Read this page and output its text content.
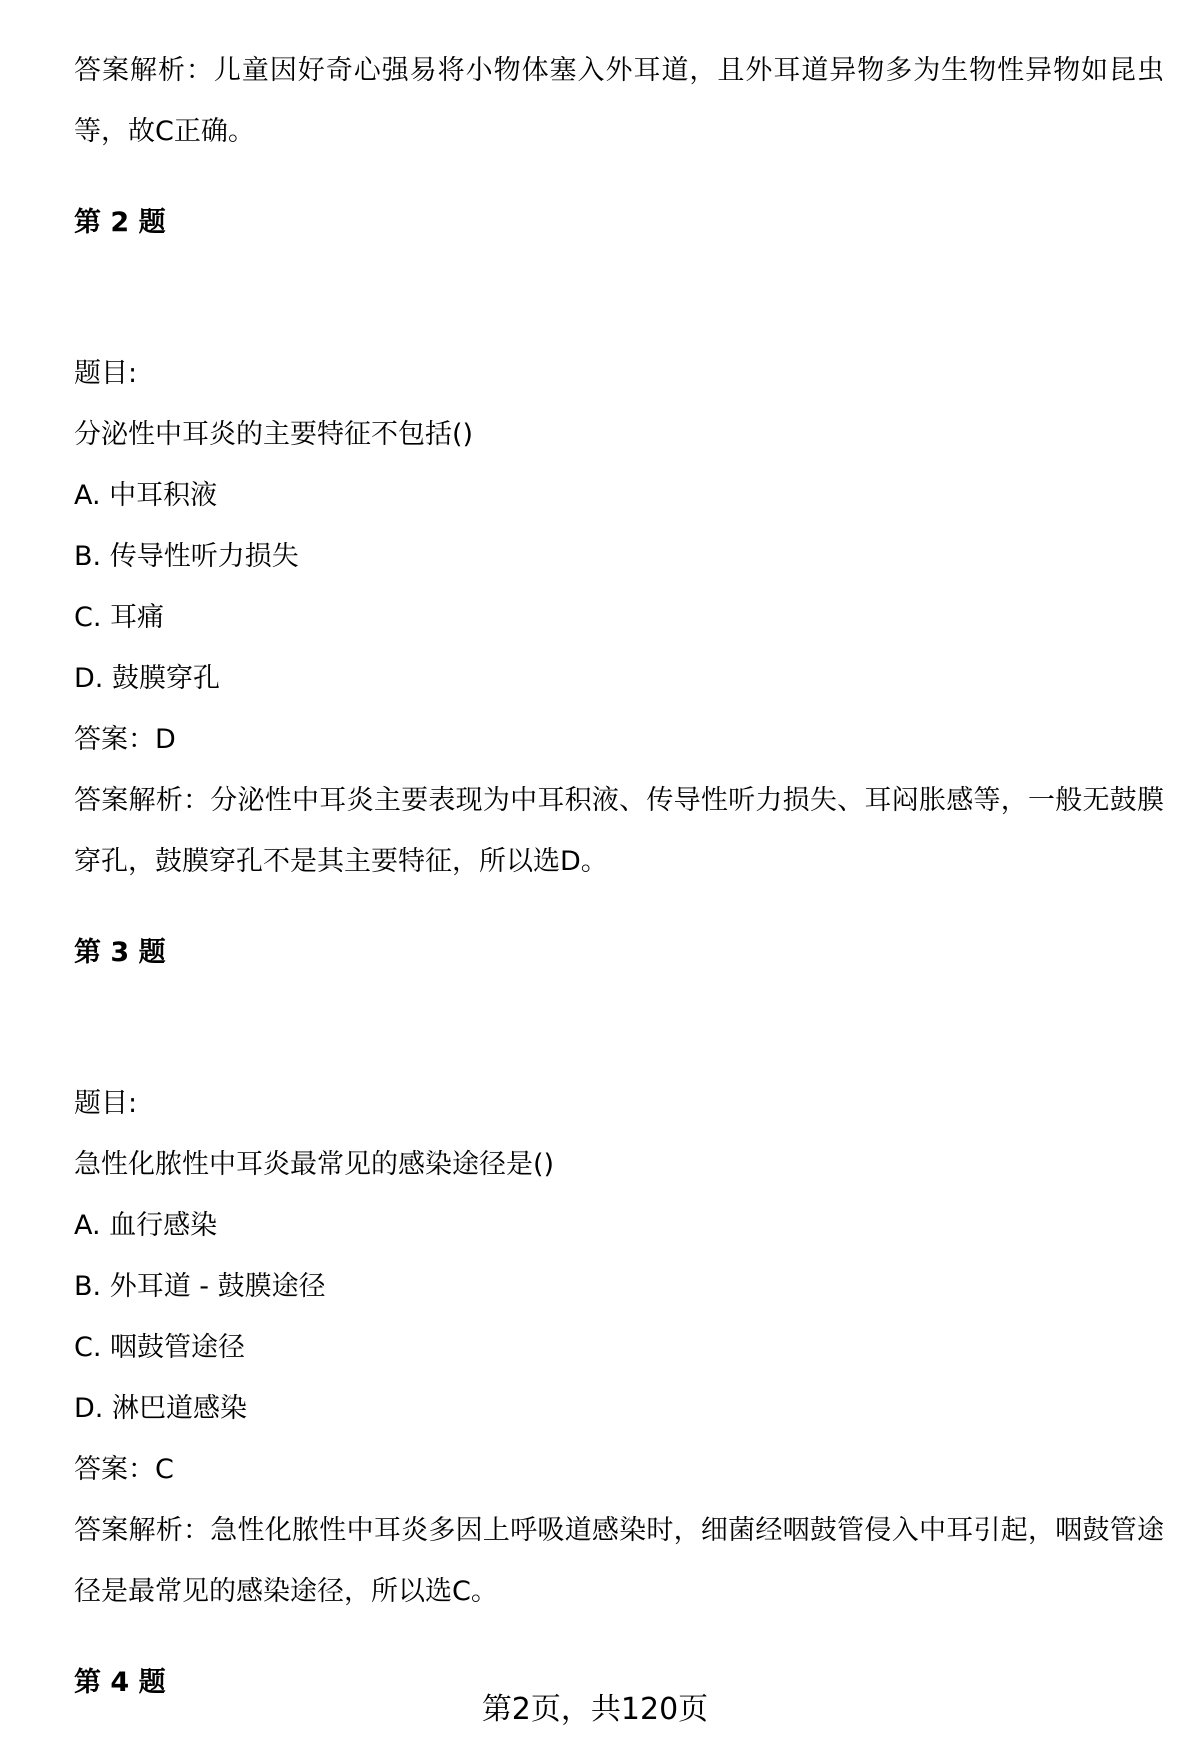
答案解析：儿童因好奇心强易将小物体塞入外耳道，且外耳道异物多为生物性异物如昆虫等，故C正确。
第 2 题
题目:
分泌性中耳炎的主要特征不包括()
A. 中耳积液
B. 传导性听力损失
C. 耳痛
D. 鼓膜穿孔
答案：D
答案解析：分泌性中耳炎主要表现为中耳积液、传导性听力损失、耳闷胀感等，一般无鼓膜穿孔，鼓膜穿孔不是其主要特征，所以选D。
第 3 题
题目:
急性化脓性中耳炎最常见的感染途径是()
A. 血行感染
B. 外耳道 - 鼓膜途径
C. 咽鼓管途径
D. 淋巴道感染
答案：C
答案解析：急性化脓性中耳炎多因上呼吸道感染时，细菌经咽鼓管侵入中耳引起，咽鼓管途径是最常见的感染途径，所以选C。
第 4 题
第2页，共120页
